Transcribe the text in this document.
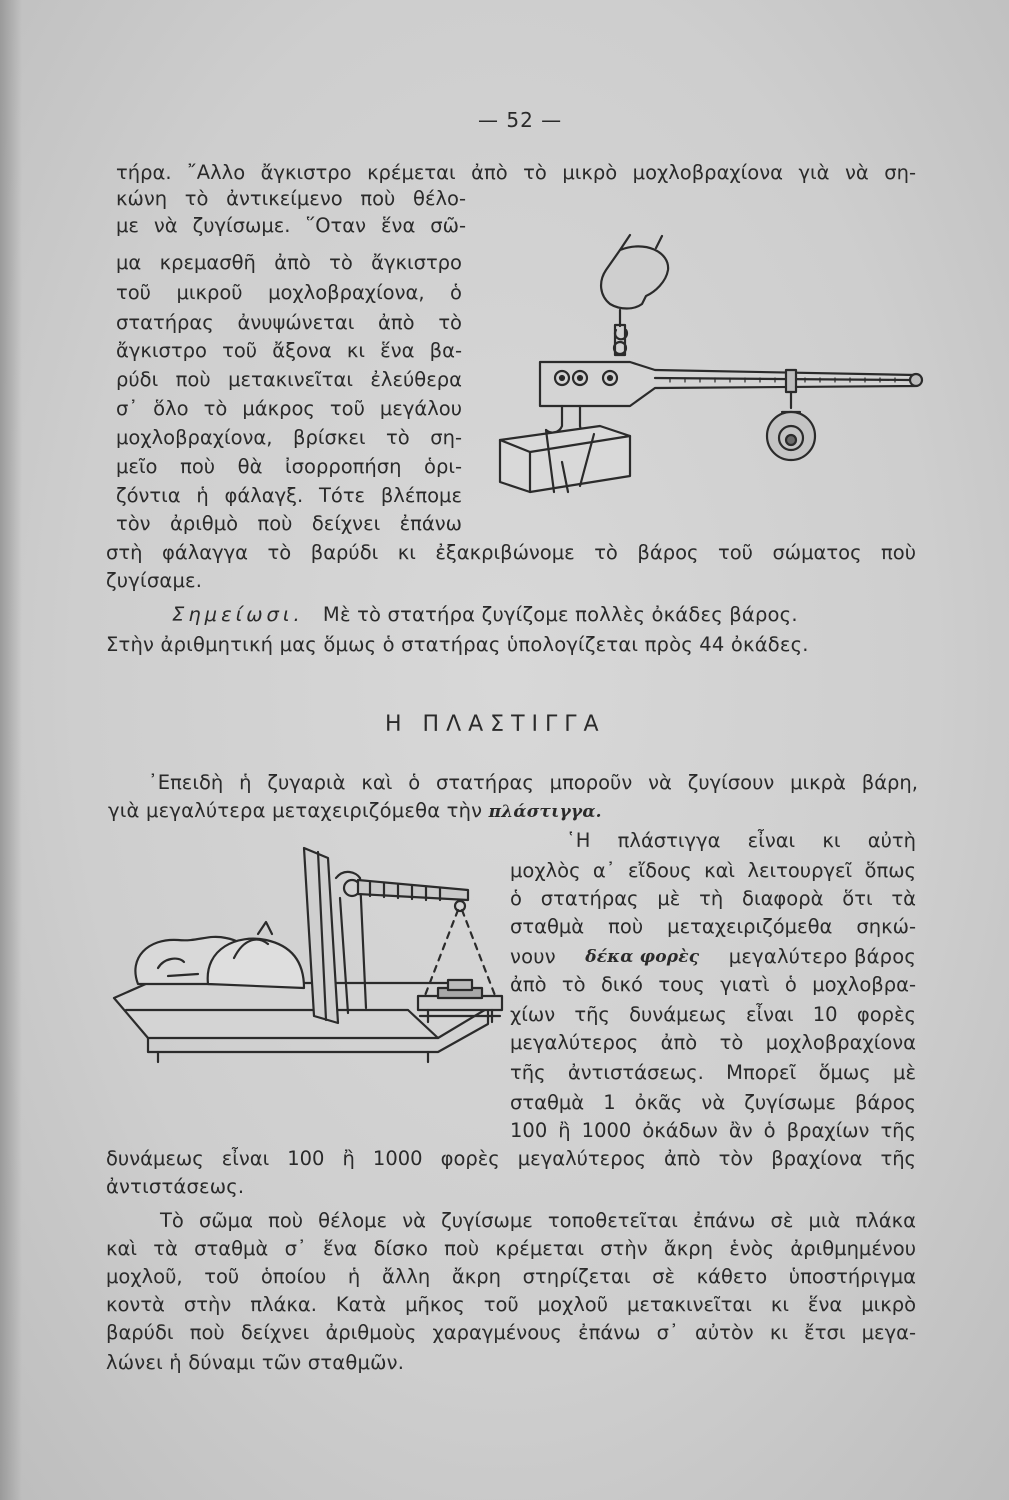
— 52 —
τήρα. ῎Αλλο ἄγκιστρο κρέμεται ἀπὸ τὸ μικρὸ μοχλοβραχίονα γιὰ νὰ ση-
κώνη τὸ ἀντικείμενο ποὺ θέλο-
με νὰ ζυγίσωμε. ῞Οταν ἕνα σῶ-
μα κρεμασθῆ ἀπὸ τὸ ἄγκιστρο
τοῦ μικροῦ μοχλοβραχίονα, ὁ
στατήρας ἀνυψώνεται ἀπὸ τὸ
ἄγκιστρο τοῦ ἄξονα κι ἕνα βα-
ρύδι ποὺ μετακινεῖται ἐλεύθερα
σ᾿ ὅλο τὸ μάκρος τοῦ μεγάλου
μοχλοβραχίονα, βρίσκει τὸ ση-
μεῖο ποὺ θὰ ἰσορροπήση ὁρι-
ζόντια ἡ φάλαγξ. Τότε βλέπομε
τὸν ἀριθμὸ ποὺ δείχνει ἐπάνω
στὴ φάλαγγα τὸ βαρύδι κι ἐξακριβώνομε τὸ βάρος τοῦ σώματος ποὺ
ζυγίσαμε.
Σημείωσι. Μὲ τὸ στατήρα ζυγίζομε πολλὲς ὀκάδες βάρος.
Στὴν ἀριθμητική μας ὅμως ὁ στατήρας ὑπολογίζεται πρὸς 44 ὀκάδες.
Η ΠΛΑΣΤΙΓΓΑ
᾿Επειδὴ ἡ ζυγαριὰ καὶ ὁ στατήρας μποροῦν νὰ ζυγίσουν μικρὰ βάρη,
γιὰ μεγαλύτερα μεταχειριζόμεθα τὴν πλάστιγγα.
῾Η πλάστιγγα εἶναι κι αὐτὴ
μοχλὸς α᾿ εἴδους καὶ λειτουργεῖ ὅπως
ὁ στατήρας μὲ τὴ διαφορὰ ὅτι τὰ
σταθμὰ ποὺ μεταχειριζόμεθα σηκώ-
νουν δέκα φορὲς μεγαλύτερο βάρος
ἀπὸ τὸ δικό τους γιατὶ ὁ μοχλοβρα-
χίων τῆς δυνάμεως εἶναι 10 φορὲς
μεγαλύτερος ἀπὸ τὸ μοχλοβραχίονα
τῆς ἀντιστάσεως. Μπορεῖ ὅμως μὲ
σταθμὰ 1 ὀκᾶς νὰ ζυγίσωμε βάρος
100 ἢ 1000 ὀκάδων ἂν ὁ βραχίων τῆς
δυνάμεως εἶναι 100 ἢ 1000 φορὲς μεγαλύτερος ἀπὸ τὸν βραχίονα τῆς
ἀντιστάσεως.
Τὸ σῶμα ποὺ θέλομε νὰ ζυγίσωμε τοποθετεῖται ἐπάνω σὲ μιὰ πλάκα
καὶ τὰ σταθμὰ σ᾿ ἕνα δίσκο ποὺ κρέμεται στὴν ἄκρη ἑνὸς ἀριθμημένου
μοχλοῦ, τοῦ ὁποίου ἡ ἄλλη ἄκρη στηρίζεται σὲ κάθετο ὑποστήριγμα
κοντὰ στὴν πλάκα. Κατὰ μῆκος τοῦ μοχλοῦ μετακινεῖται κι ἕνα μικρὸ
βαρύδι ποὺ δείχνει ἀριθμοὺς χαραγμένους ἐπάνω σ᾿ αὐτὸν κι ἔτσι μεγα-
λώνει ἡ δύναμι τῶν σταθμῶν.
